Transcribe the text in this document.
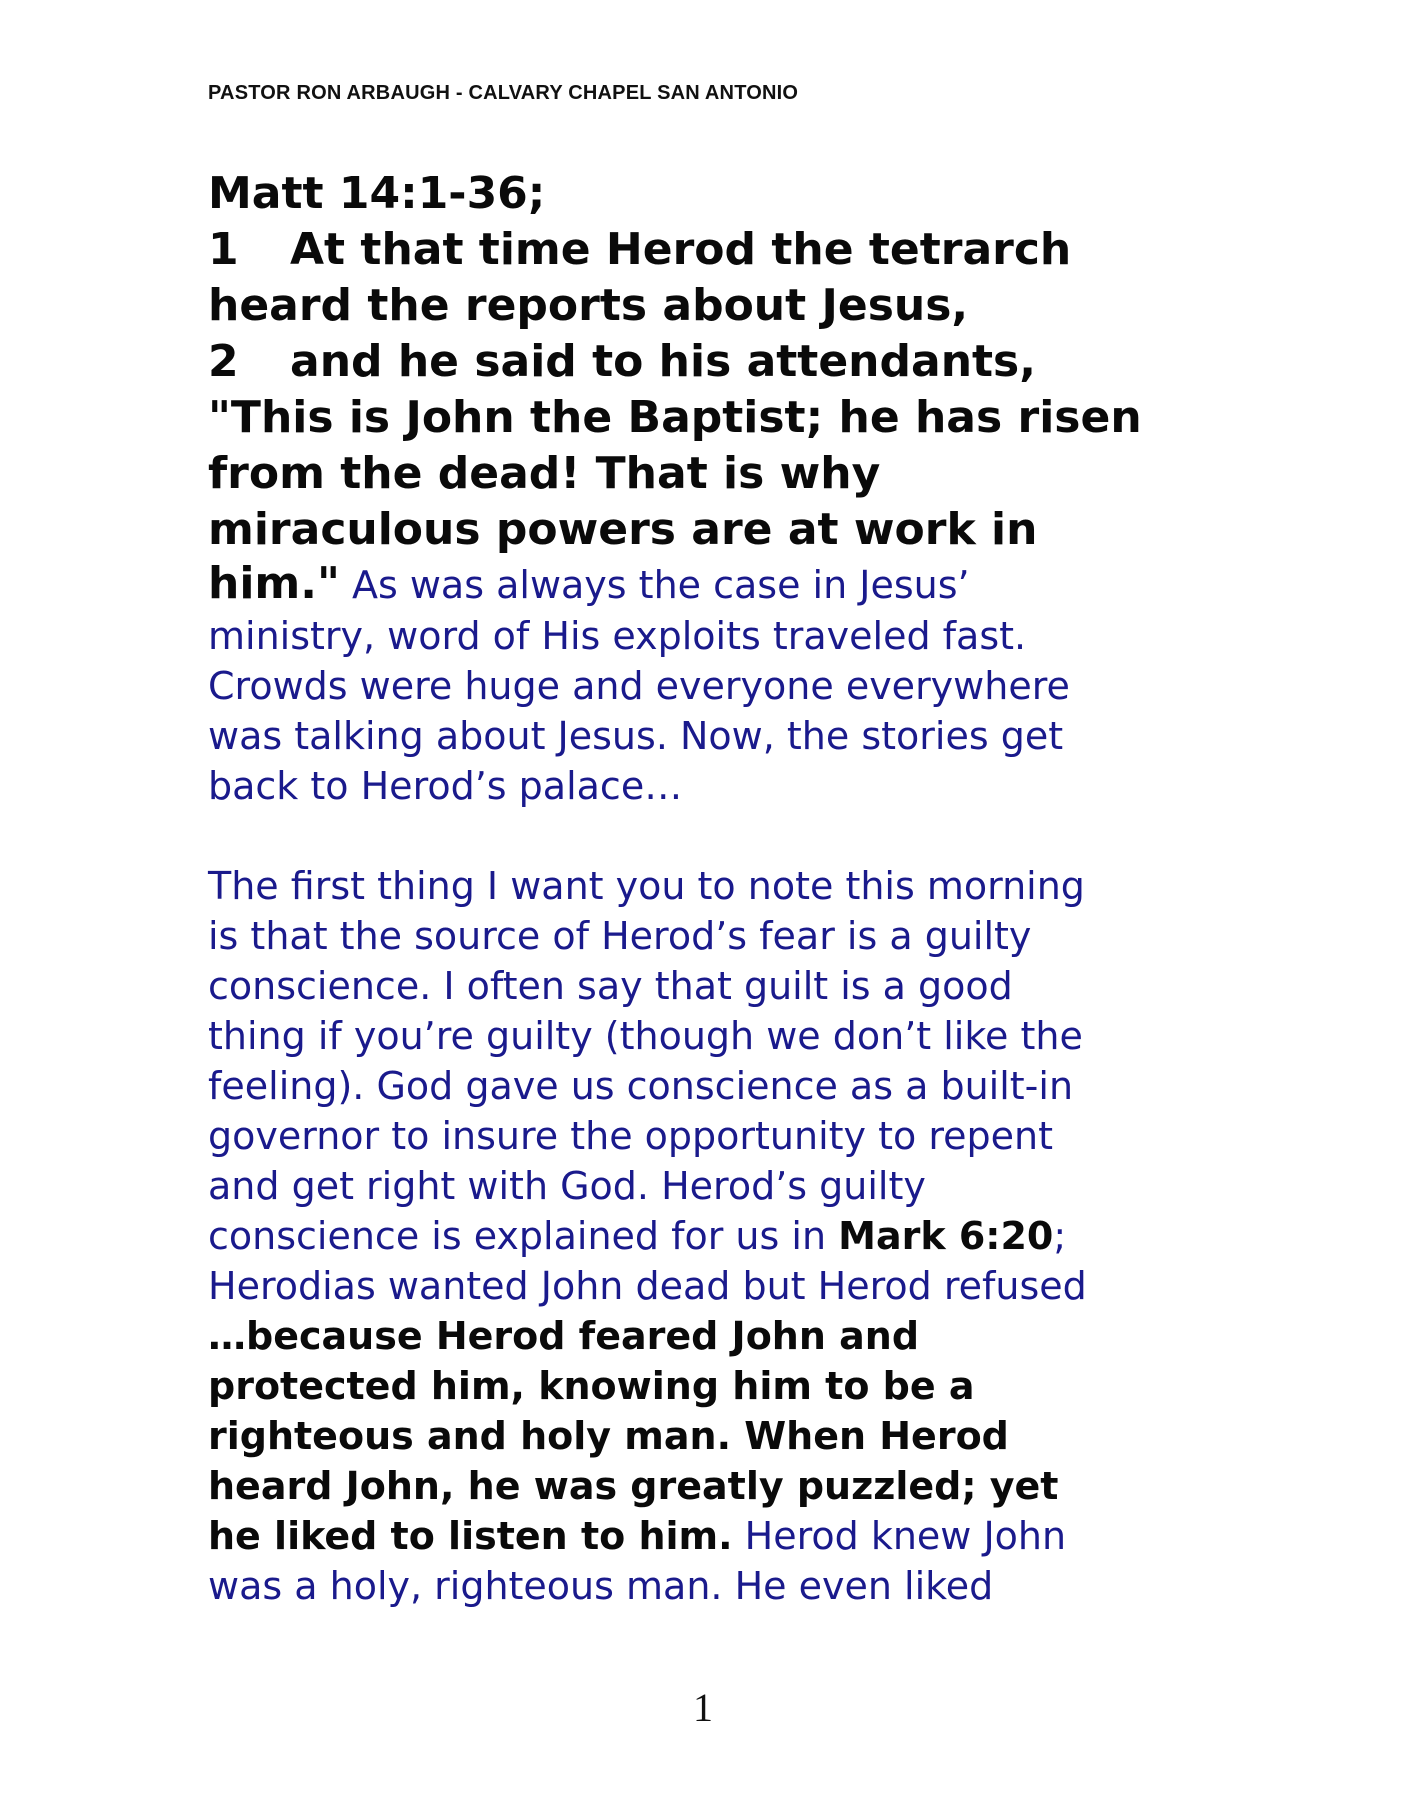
PASTOR RON ARBAUGH - CALVARY CHAPEL SAN ANTONIO
Matt 14:1-36;
1 At that time Herod the tetrarch
heard the reports about Jesus,
2 and he said to his attendants,
"This is John the Baptist; he has risen
from the dead! That is why
miraculous powers are at work in
him." As was always the case in Jesus’
ministry, word of His exploits traveled fast.
Crowds were huge and everyone everywhere
was talking about Jesus. Now, the stories get
back to Herod’s palace…
The first thing I want you to note this morning
is that the source of Herod’s fear is a guilty
conscience. I often say that guilt is a good
thing if you’re guilty (though we don’t like the
feeling). God gave us conscience as a built-in
governor to insure the opportunity to repent
and get right with God. Herod’s guilty
conscience is explained for us in Mark 6:20;
Herodias wanted John dead but Herod refused
…because Herod feared John and
protected him, knowing him to be a
righteous and holy man. When Herod
heard John, he was greatly puzzled; yet
he liked to listen to him. Herod knew John
was a holy, righteous man. He even liked
1
